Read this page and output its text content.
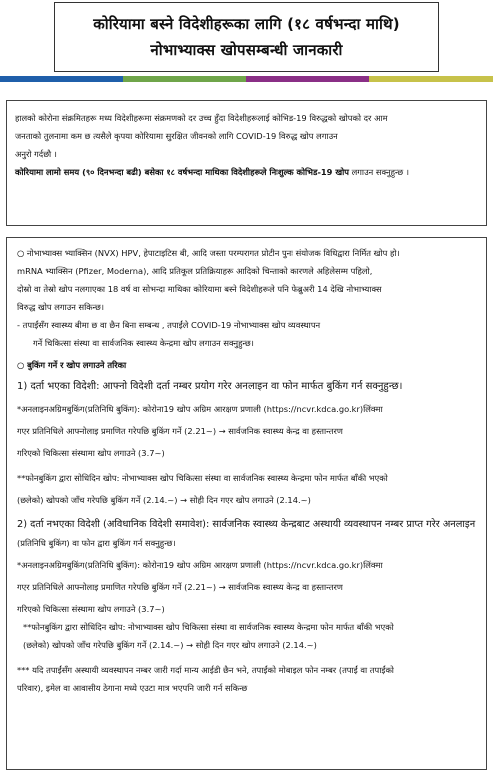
कोरियामा बस्ने विदेशीहरूका लागि (१८ वर्षभन्दा माथि)
नोभाभ्याक्स खोपसम्बन्धी जानकारी
हालको कोरोना संक्रमितहरू मध्य विदेशीहरूमा संक्रमणको दर उच्च हुँदा विदेशीहरूलाई कोभिड-19 विरुद्धको खोपको दर आम
जनताको तुलनामा कम छ त्यसैले कृपया कोरियामा सुरक्षित जीवनको लागि COVID-19 विरुद्ध खोप लगाउन
अनुरो गर्दछौ ।
कोरियामा लामो समय (९० दिनभन्दा बढी) बसेका १८ वर्षभन्दा माथिका विदेशीहरूले निःशुल्क कोभिड-19 खोप लगाउन सक्नुहुन्छ ।
○ नोभाभ्याक्स भ्याक्सिन (NVX) HPV, हेपाटाइटिस बी, आदि जस्ता परम्परागत प्रोटीन पुनः संयोजक विधिद्वारा निर्मित खोप हो।
mRNA भ्याक्सिन (Pfizer, Moderna), आदि प्रतिकूल प्रतिक्रियाहरू आदिको चिन्ताको कारणले अहिलेसम्म पहिलो,
दोस्रो वा तेस्रो खोप नलगाएका 18 वर्ष वा सोभन्दा माथिका कोरियामा बस्ने विदेशीहरूले पनि फेब्रुअरी 14 देखि नोभाभ्याक्स
विरुद्ध खोप लगाउन सकिन्छ।
- तपाईंसँग स्वास्थ्य बीमा छ वा छैन बिना सम्बन्ध , तपाईंले COVID-19 नोभाभ्याक्स खोप व्यवस्थापन
गर्ने चिकित्सा संस्था वा सार्वजनिक स्वास्थ्य केन्द्रमा खोप लगाउन सक्नुहुन्छ।
○ बुकिंग गर्ने र खोप लगाउने तरिका
1) दर्ता भएका विदेशी: आफ्नो विदेशी दर्ता नम्बर प्रयोग गरेर अनलाइन वा फोन मार्फत बुकिंग गर्न सक्नुहुन्छ।
*अनलाइनअग्रिमबुकिंग(प्रतिनिधि बुकिंग): कोरोना19 खोप अग्रिम आरक्षण प्रणाली (https://ncvr.kdca.go.kr)लिंक्मा
गएर प्रतिनिधिले आफ्नोलाइ प्रमाणित गरेपछि बुकिंग गर्ने (2.21~) → सार्वजनिक स्वास्थ्य केन्द्र वा हस्तान्तरण
गरिएको चिकित्सा संस्थामा खोप लगाउने (3.7~)
**फोनबुकिंग द्वारा सोधिदिन खोप: नोभाभ्याक्स खोप चिकित्सा संस्था वा सार्वजनिक स्वास्थ्य केन्द्रमा फोन मार्फत बाँकी भएको
(छलेको) खोपको जाँच गरेपछि बुकिंग गर्ने (2.14.~) → सोही दिन गएर खोप लगाउने (2.14.~)
2) दर्ता नभएका विदेशी (अविधानिक विदेशी समावेश): सार्वजनिक स्वास्थ्य केन्द्रबाट अस्थायी व्यवस्थापन नम्बर प्राप्त गरेर अनलाइन
(प्रतिनिधि बुकिंग) वा फोन द्वारा बुकिंग गर्न सक्नुहुन्छ।
*अनलाइनअग्रिमबुकिंग(प्रतिनिधि बुकिंग): कोरोना19 खोप अग्रिम आरक्षण प्रणाली (https://ncvr.kdca.go.kr)लिंक्मा
गएर प्रतिनिधिले आफ्नोलाइ प्रमाणित गरेपछि बुकिंग गर्ने (2.21~) → सार्वजनिक स्वास्थ्य केन्द्र वा हस्तान्तरण
गरिएको चिकित्सा संस्थामा खोप लगाउने (3.7~)
**फोनबुकिंग द्वारा सोधिदिन खोप: नोभाभ्याक्स खोप चिकित्सा संस्था वा सार्वजनिक स्वास्थ्य केन्द्रमा फोन मार्फत बाँकी भएको
(छलेको) खोपको जाँच गरेपछि बुकिंग गर्ने (2.14.~) → सोही दिन गएर खोप लगाउने (2.14.~)
*** यदि तपाईंसँग अस्थायी व्यवस्थापन नम्बर जारी गर्दा मान्य आईडी छैन भने, तपाईंको मोबाइल फोन नम्बर (तपाईं वा तपाईंको
परिवार), इमेल वा आवासीय ठेगाना मध्ये एउटा मात्र भएपनि जारी गर्न सकिन्छ
